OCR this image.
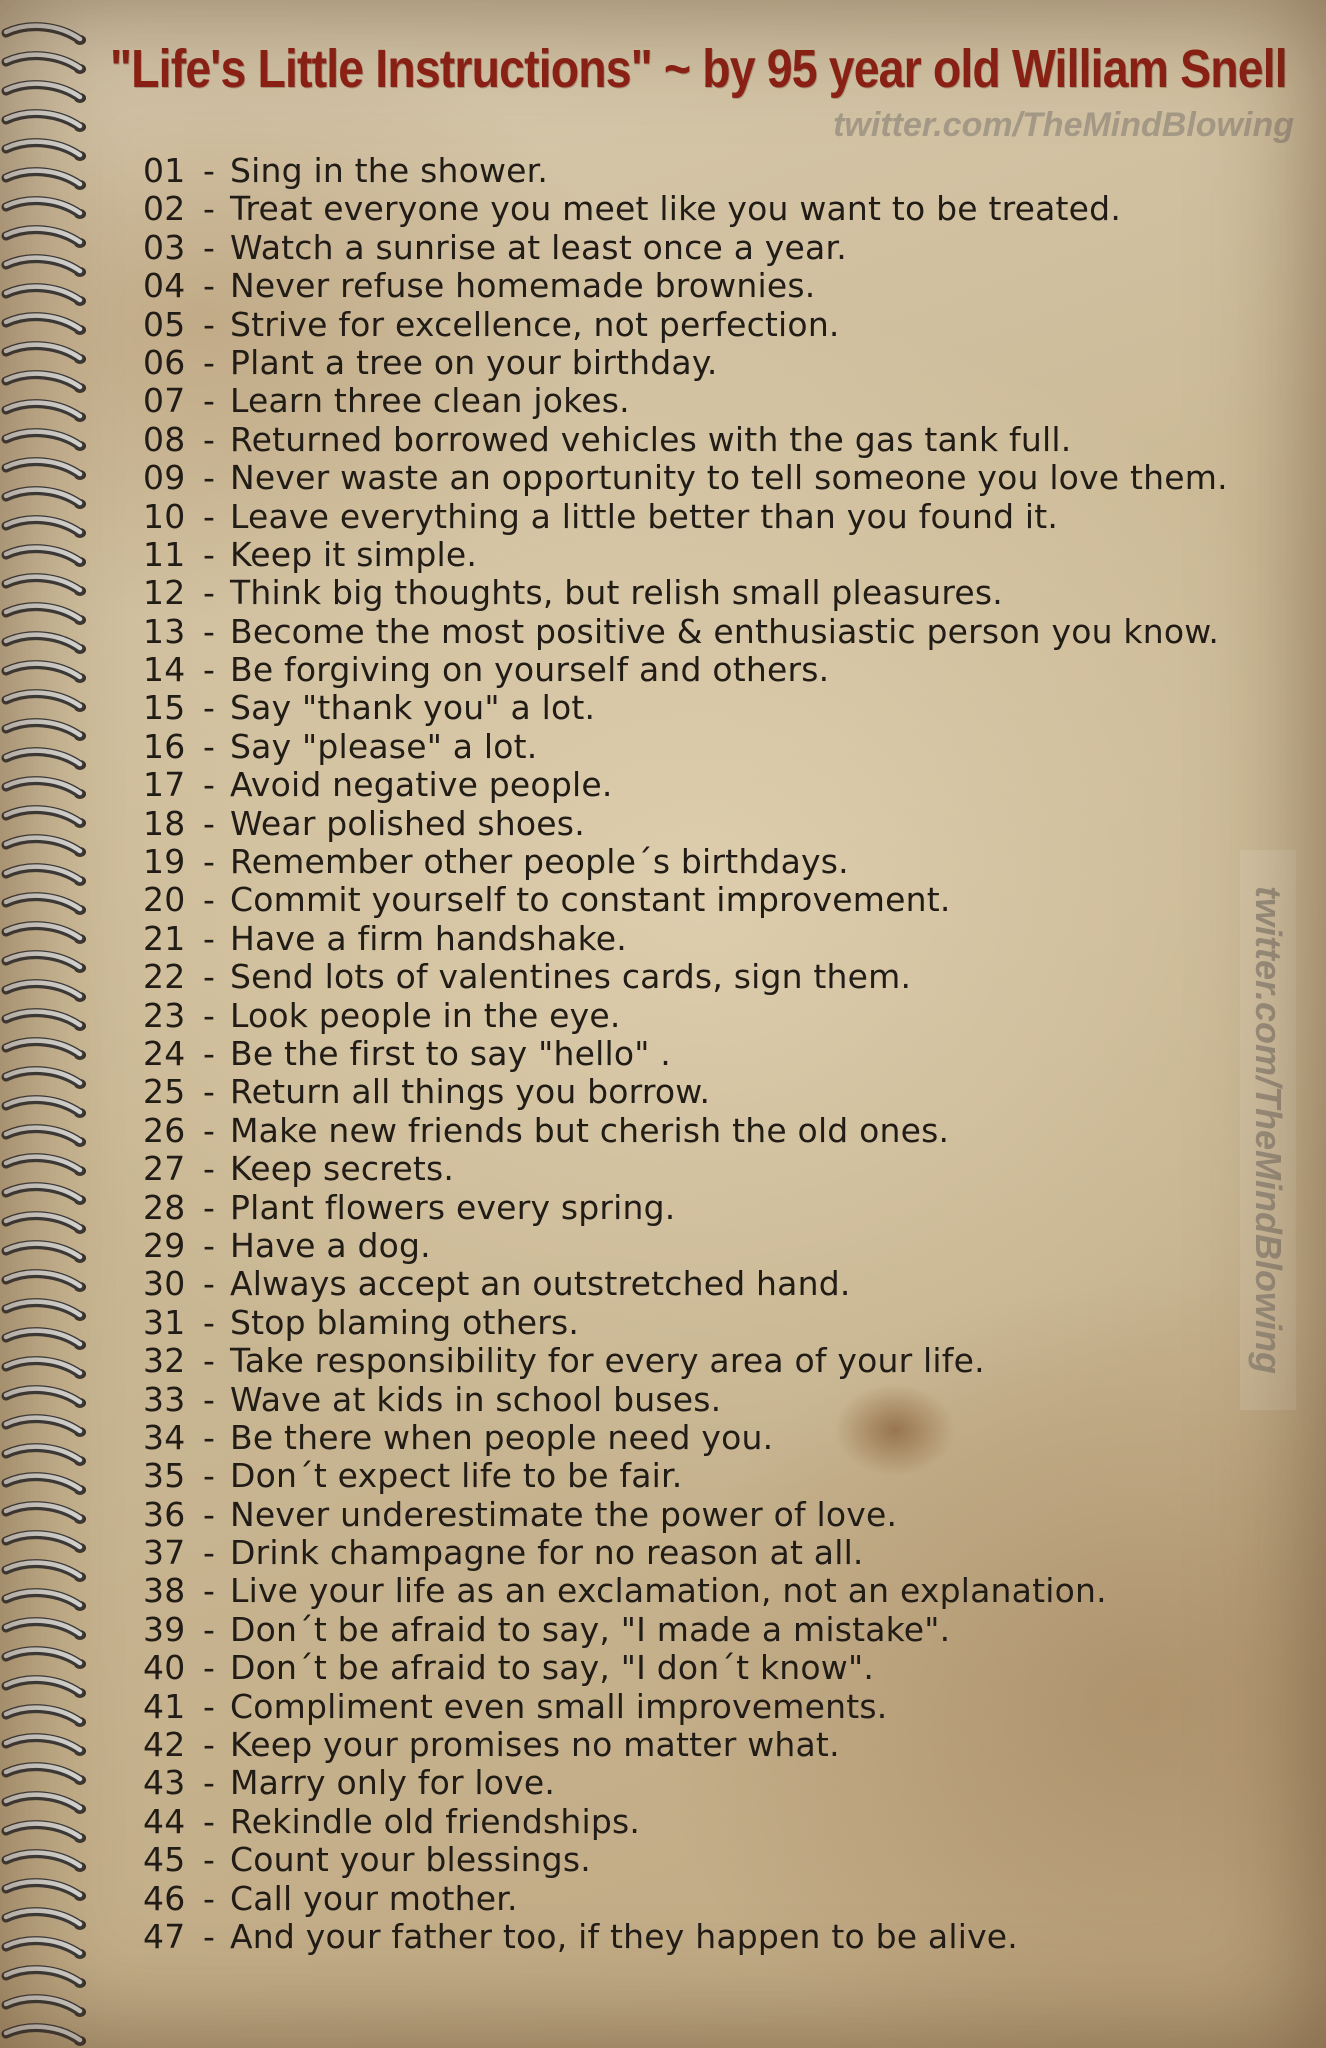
"Life's Little Instructions" ~ by 95 year old William Snell
twitter.com/TheMindBlowing
twitter.com/TheMindBlowing
01 - Sing in the shower.
02 - Treat everyone you meet like you want to be treated.
03 - Watch a sunrise at least once a year.
04 - Never refuse homemade brownies.
05 - Strive for excellence, not perfection.
06 - Plant a tree on your birthday.
07 - Learn three clean jokes.
08 - Returned borrowed vehicles with the gas tank full.
09 - Never waste an opportunity to tell someone you love them.
10 - Leave everything a little better than you found it.
11 - Keep it simple.
12 - Think big thoughts, but relish small pleasures.
13 - Become the most positive & enthusiastic person you know.
14 - Be forgiving on yourself and others.
15 - Say "thank you" a lot.
16 - Say "please" a lot.
17 - Avoid negative people.
18 - Wear polished shoes.
19 - Remember other people´s birthdays.
20 - Commit yourself to constant improvement.
21 - Have a firm handshake.
22 - Send lots of valentines cards, sign them.
23 - Look people in the eye.
24 - Be the first to say "hello" .
25 - Return all things you borrow.
26 - Make new friends but cherish the old ones.
27 - Keep secrets.
28 - Plant flowers every spring.
29 - Have a dog.
30 - Always accept an outstretched hand.
31 - Stop blaming others.
32 - Take responsibility for every area of your life.
33 - Wave at kids in school buses.
34 - Be there when people need you.
35 - Don´t expect life to be fair.
36 - Never underestimate the power of love.
37 - Drink champagne for no reason at all.
38 - Live your life as an exclamation, not an explanation.
39 - Don´t be afraid to say, "I made a mistake".
40 - Don´t be afraid to say, "I don´t know".
41 - Compliment even small improvements.
42 - Keep your promises no matter what.
43 - Marry only for love.
44 - Rekindle old friendships.
45 - Count your blessings.
46 - Call your mother.
47 - And your father too, if they happen to be alive.
